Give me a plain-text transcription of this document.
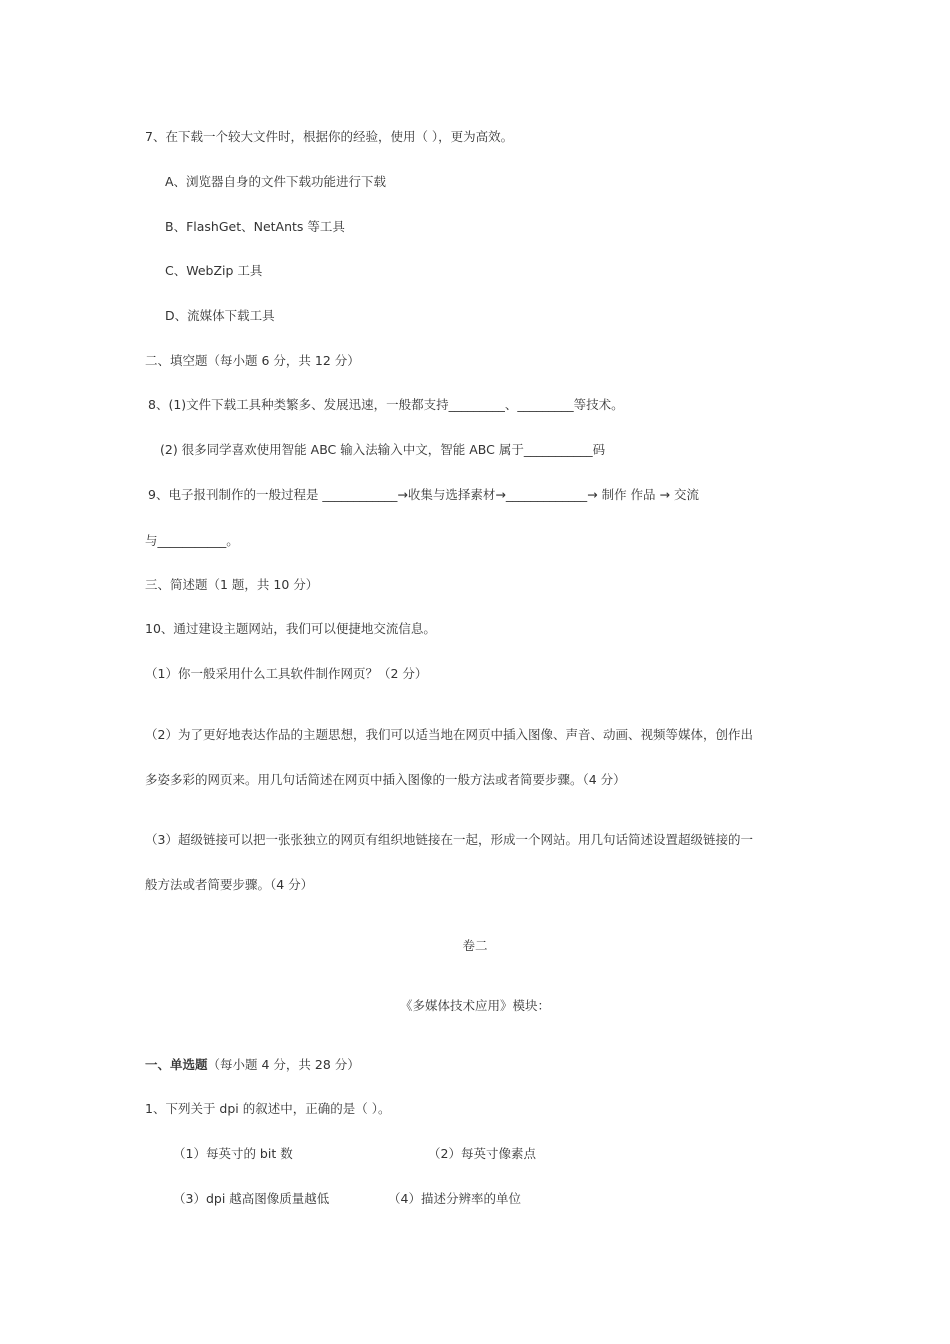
7、在下载一个较大文件时，根据你的经验，使用（ ），更为高效。
A、浏览器自身的文件下载功能进行下载
B、FlashGet、NetAnts 等工具
C、WebZip 工具
D、流媒体下载工具
二、填空题（每小题 6 分，共 12 分）
8、(1)文件下载工具种类繁多、发展迅速，一般都支持_________、_________等技术。
(2) 很多同学喜欢使用智能 ABC 输入法输入中文，智能 ABC 属于___________码
9、电子报刊制作的一般过程是 ____________→收集与选择素材→_____________→ 制作 作品 → 交流
与___________。
三、简述题（1 题，共 10 分）
10、通过建设主题网站，我们可以便捷地交流信息。
（1）你一般采用什么工具软件制作网页？（2 分）
（2）为了更好地表达作品的主题思想，我们可以适当地在网页中插入图像、声音、动画、视频等媒体，创作出
多姿多彩的网页来。用几句话简述在网页中插入图像的一般方法或者简要步骤。（4 分）
（3）超级链接可以把一张张独立的网页有组织地链接在一起，形成一个网站。用几句话简述设置超级链接的一
般方法或者简要步骤。（4 分）
卷二
《多媒体技术应用》模块：
一、单选题（每小题 4 分，共 28 分）
1、下列关于 dpi 的叙述中，正确的是（ ）。
（1）每英寸的 bit 数	（2）每英寸像素点
（3）dpi 越高图像质量越低	（4）描述分辨率的单位
